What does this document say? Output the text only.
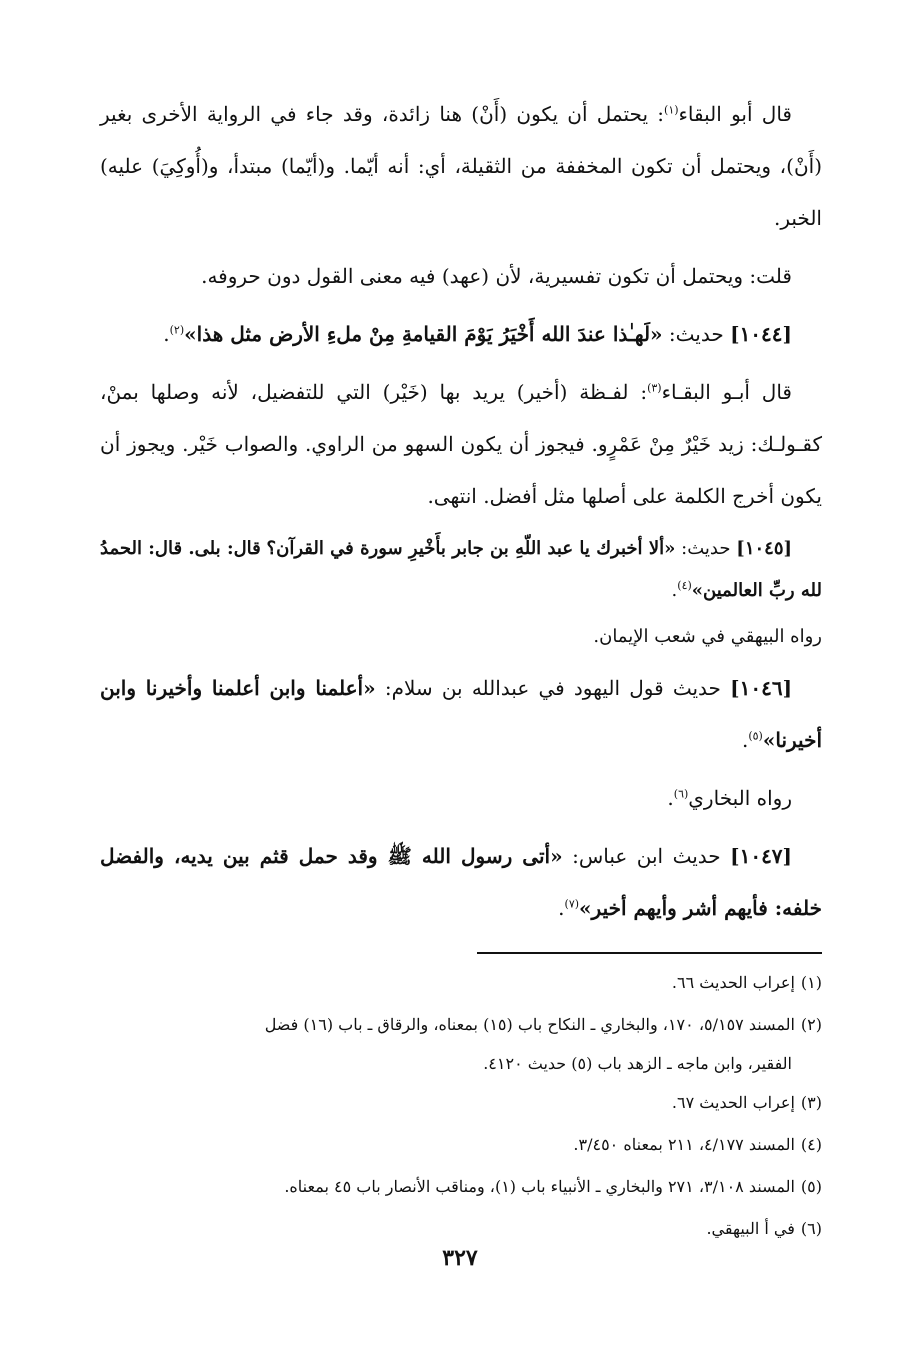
قال أبو البقاء$^{(١)}$: يحتمل أن يكون (أَنْ) هنا زائدة، وقد جاء في الرواية الأخرى بغير (أَنْ)، ويحتمل أن تكون المخففة من الثقيلة، أي: أنه أيّما. و(أيّما) مبتدأ، و(أُوكِيَ) عليه) الخبر.

قلت: ويحتمل أن تكون تفسيرية، لأن (عهد) فيه معنى القول دون حروفه.

[١٠٤٤] حديث: «لَهـٰذا عندَ الله أَخْيَرُ يَوْمَ القيامةِ مِنْ ملءِ الأرض مثل هذا»$^{(٢)}$.

قال أبـو البقـاء$^{(٣)}$: لفـظة (أخير) يريد بها (خَيْر) التي للتفضيل، لأنه وصلها بمنْ، كقـولـك: زيد خَيْرٌ مِنْ عَمْرٍو. فيجوز أن يكون السهو من الراوي. والصواب خَيْر. ويجوز أن يكون أخرج الكلمة على أصلها مثل أفضل. انتهى.

[١٠٤٥] حديث: «ألا أخبرك يا عبد اللّهِ بن جابر بأَخْيرِ سورة في القرآن؟ قال: بلى. قال: الحمدُ لله ربِّ العالمين»$^{(٤)}$.

رواه البيهقي في شعب الإيمان.

[١٠٤٦] حديث قول اليهود في عبدالله بن سلام: «أعلمنا وابن أعلمنا وأخيرنا وابن أخيرنا»$^{(٥)}$.

رواه البخاري$^{(٦)}$.

[١٠٤٧] حديث ابن عباس: «أتى رسول الله ﷺ وقد حمل قثم بين يديه، والفضل خلفه: فأيهم أشر وأيهم أخير»$^{(٧)}$.

(١)إعراب الحديث ٦٦.
(٢)المسند ٥/١٥٧، ١٧٠، والبخاري ـ النكاح باب (١٥) بمعناه، والرقاق ـ باب (١٦) فضل
الفقير، وابن ماجه ـ الزهد باب (٥) حديث ٤١٢٠.
(٣)إعراب الحديث ٦٧.
(٤)المسند ٤/١٧٧، ٢١١ بمعناه ٣/٤٥٠.
(٥)المسند ٣/١٠٨، ٢٧١ والبخاري ـ الأنبياء باب (١)، ومناقب الأنصار باب ٤٥ بمعناه.
(٦)في أ البيهقي.
٣٢٧
